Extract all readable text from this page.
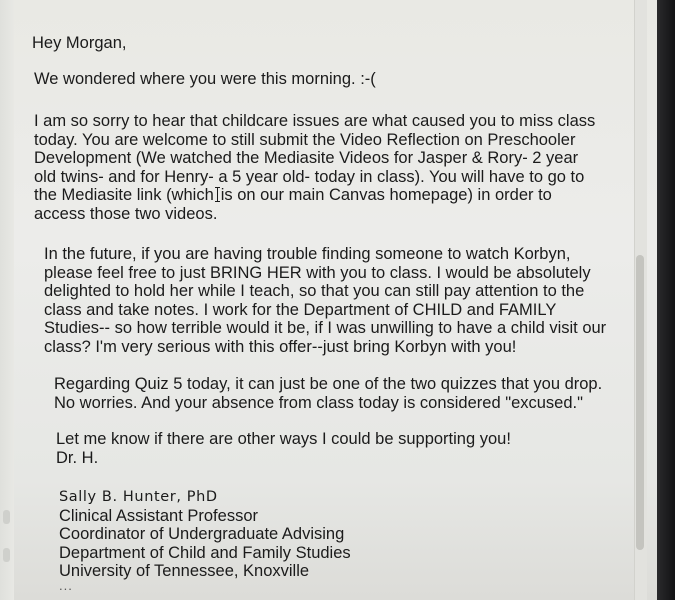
Hey Morgan,

We wondered where you were this morning. :-(

I am so sorry to hear that childcare issues are what caused you to miss class

today. You are welcome to still submit the Video Reflection on Preschooler

Development (We watched the Mediasite Videos for Jasper & Rory- 2 year

old twins- and for Henry- a 5 year old- today in class). You will have to go to

the Mediasite link (which is on our main Canvas homepage) in order to

access those two videos.

In the future, if you are having trouble finding someone to watch Korbyn,

please feel free to just BRING HER with you to class. I would be absolutely

delighted to hold her while I teach, so that you can still pay attention to the

class and take notes. I work for the Department of CHILD and FAMILY

Studies-- so how terrible would it be, if I was unwilling to have a child visit our

class? I'm very serious with this offer--just bring Korbyn with you!

Regarding Quiz 5 today, it can just be one of the two quizzes that you drop.

No worries. And your absence from class today is considered "excused."

Let me know if there are other ways I could be supporting you!

Dr. H.

Sally B. Hunter, PhD

Clinical Assistant Professor

Coordinator of Undergraduate Advising

Department of Child and Family Studies

University of Tennessee, Knoxville

...
